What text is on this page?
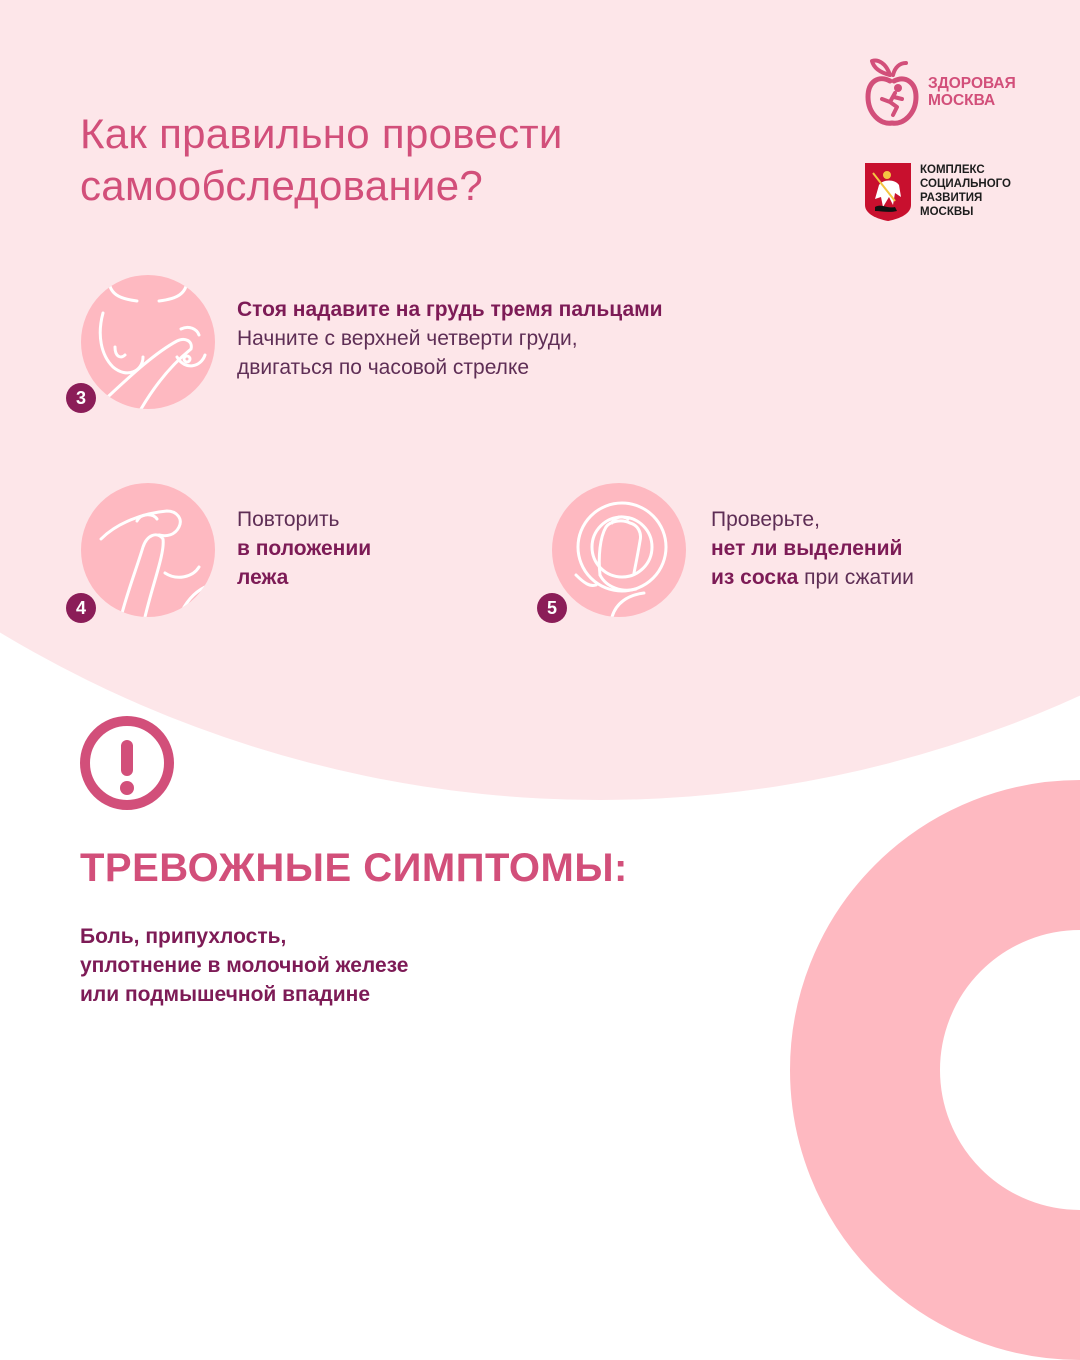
Как правильно провести
самообследование?
ЗДОРОВАЯ
МОСКВА
КОМПЛЕКС
СОЦИАЛЬНОГО
РАЗВИТИЯ
МОСКВЫ
3
Стоя надавите на грудь тремя пальцами
Начните с верхней четверти груди,
двигаться по часовой стрелке
4
Повторить
в положении
лежа
5
Проверьте,
нет ли выделений
из соска при сжатии
ТРЕВОЖНЫЕ СИМПТОМЫ:
Боль, припухлость,
уплотнение в молочной железе
или подмышечной впадине
